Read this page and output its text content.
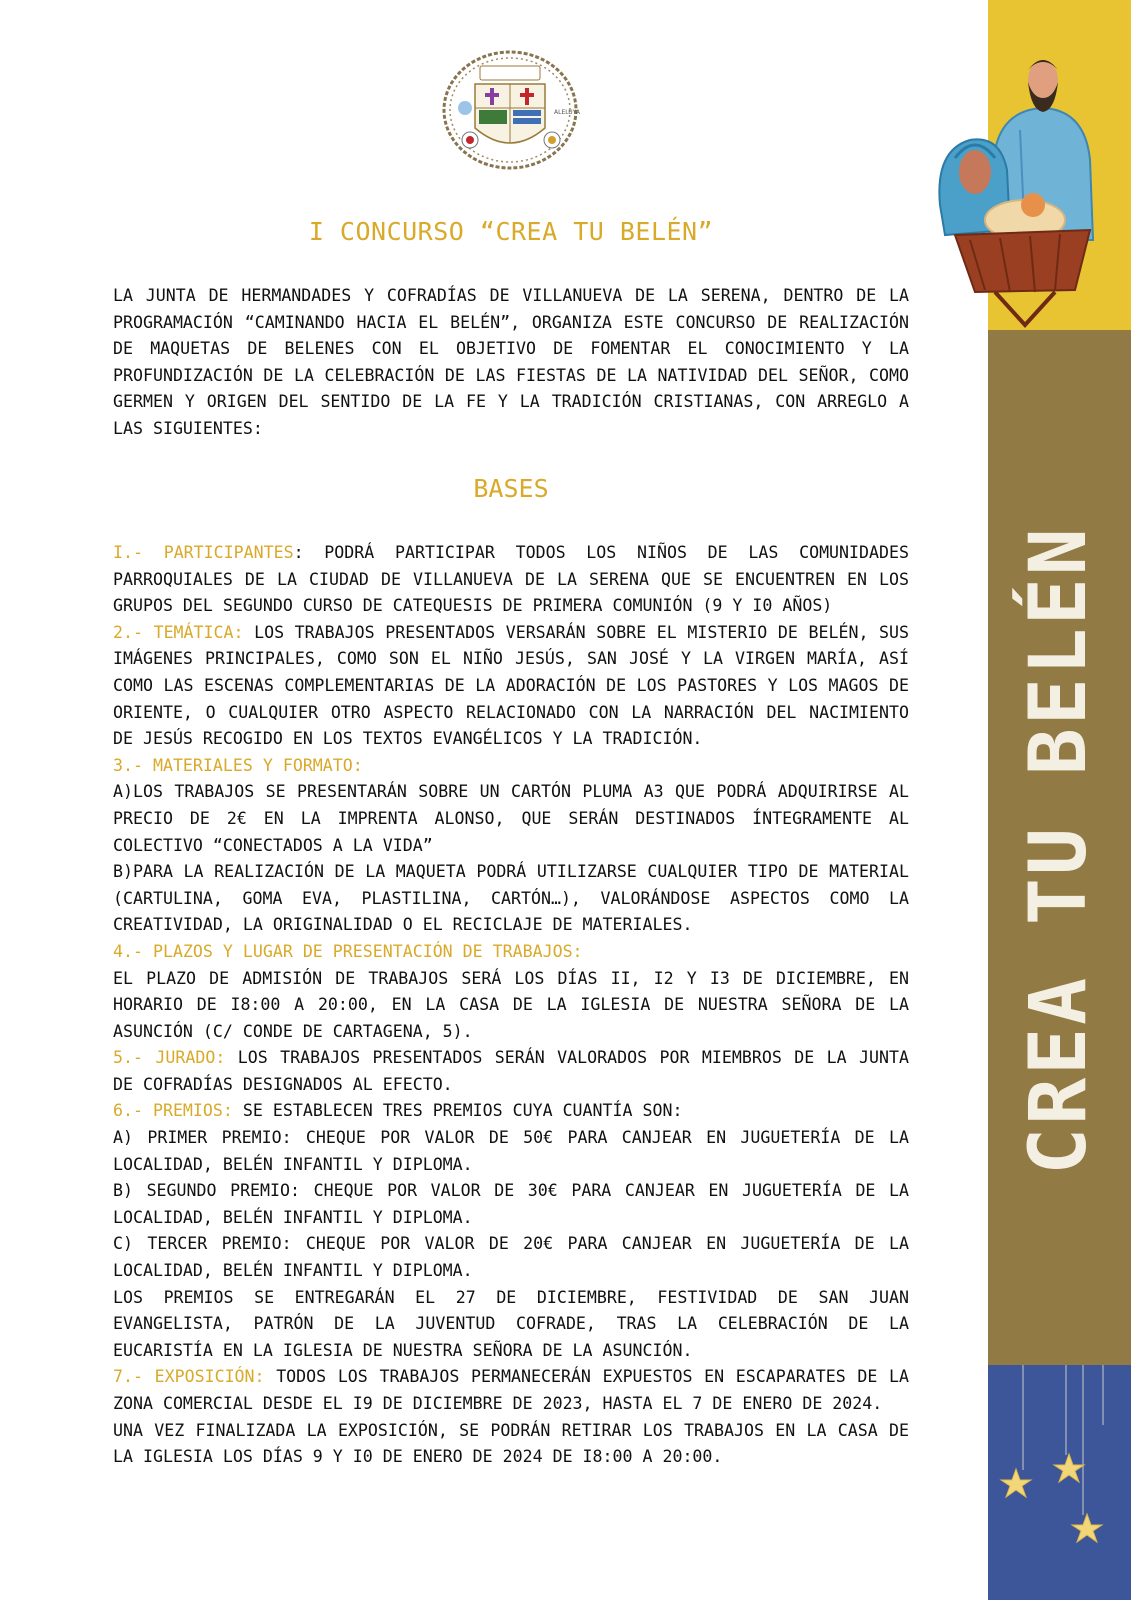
CREA TU BELÉN
ALELUYA
I CONCURSO “CREA TU BELÉN”

LA JUNTA DE HERMANDADES Y COFRADÍAS DE VILLANUEVA DE LA SERENA, DENTRO DE LA PROGRAMACIÓN “CAMINANDO HACIA EL BELÉN”, ORGANIZA ESTE CONCURSO DE REALIZACIÓN DE MAQUETAS DE BELENES CON EL OBJETIVO DE FOMENTAR EL CONOCIMIENTO Y LA PROFUNDIZACIÓN DE LA CELEBRACIÓN DE LAS FIESTAS DE LA NATIVIDAD DEL SEÑOR, COMO GERMEN Y ORIGEN DEL SENTIDO DE LA FE Y LA TRADICIÓN CRISTIANAS, CON ARREGLO A LAS SIGUIENTES:

BASES

I.- PARTICIPANTES: PODRÁ PARTICIPAR TODOS LOS NIÑOS DE LAS COMUNIDADES PARROQUIALES DE LA CIUDAD DE VILLANUEVA DE LA SERENA QUE SE ENCUENTREN EN LOS GRUPOS DEL SEGUNDO CURSO DE CATEQUESIS DE PRIMERA COMUNIÓN (9 Y I0 AÑOS)

2.- TEMÁTICA: LOS TRABAJOS PRESENTADOS VERSARÁN SOBRE EL MISTERIO DE BELÉN, SUS IMÁGENES PRINCIPALES, COMO SON EL NIÑO JESÚS, SAN JOSÉ Y LA VIRGEN MARÍA, ASÍ COMO LAS ESCENAS COMPLEMENTARIAS DE LA ADORACIÓN DE LOS PASTORES Y LOS MAGOS DE ORIENTE, O CUALQUIER OTRO ASPECTO RELACIONADO CON LA NARRACIÓN DEL NACIMIENTO DE JESÚS RECOGIDO EN LOS TEXTOS EVANGÉLICOS Y LA TRADICIÓN.

3.- MATERIALES Y FORMATO:

A)LOS TRABAJOS SE PRESENTARÁN SOBRE UN CARTÓN PLUMA A3 QUE PODRÁ ADQUIRIRSE AL PRECIO DE 2€ EN LA IMPRENTA ALONSO, QUE SERÁN DESTINADOS ÍNTEGRAMENTE AL COLECTIVO “CONECTADOS A LA VIDA”

B)PARA LA REALIZACIÓN DE LA MAQUETA PODRÁ UTILIZARSE CUALQUIER TIPO DE MATERIAL (CARTULINA, GOMA EVA, PLASTILINA, CARTÓN…), VALORÁNDOSE ASPECTOS COMO LA CREATIVIDAD, LA ORIGINALIDAD O EL RECICLAJE DE MATERIALES.

4.- PLAZOS Y LUGAR DE PRESENTACIÓN DE TRABAJOS:

EL PLAZO DE ADMISIÓN DE TRABAJOS SERÁ LOS DÍAS II, I2 Y I3 DE DICIEMBRE, EN HORARIO DE I8:00 A 20:00, EN LA CASA DE LA IGLESIA DE NUESTRA SEÑORA DE LA ASUNCIÓN (C/ CONDE DE CARTAGENA, 5).

5.- JURADO: LOS TRABAJOS PRESENTADOS SERÁN VALORADOS POR MIEMBROS DE LA JUNTA DE COFRADÍAS DESIGNADOS AL EFECTO.

6.- PREMIOS: SE ESTABLECEN TRES PREMIOS CUYA CUANTÍA SON:

A) PRIMER PREMIO: CHEQUE POR VALOR DE 50€ PARA CANJEAR EN JUGUETERÍA DE LA LOCALIDAD, BELÉN INFANTIL Y DIPLOMA.

B) SEGUNDO PREMIO: CHEQUE POR VALOR DE 30€ PARA CANJEAR EN JUGUETERÍA DE LA LOCALIDAD, BELÉN INFANTIL Y DIPLOMA.

C) TERCER PREMIO: CHEQUE POR VALOR DE 20€ PARA CANJEAR EN JUGUETERÍA DE LA LOCALIDAD, BELÉN INFANTIL Y DIPLOMA.

LOS PREMIOS SE ENTREGARÁN EL 27 DE DICIEMBRE, FESTIVIDAD DE SAN JUAN EVANGELISTA, PATRÓN DE LA JUVENTUD COFRADE, TRAS LA CELEBRACIÓN DE LA EUCARISTÍA EN LA IGLESIA DE NUESTRA SEÑORA DE LA ASUNCIÓN.

7.- EXPOSICIÓN: TODOS LOS TRABAJOS PERMANECERÁN EXPUESTOS EN ESCAPARATES DE LA ZONA COMERCIAL DESDE EL I9 DE DICIEMBRE DE 2023, HASTA EL 7 DE ENERO DE 2024.

UNA VEZ FINALIZADA LA EXPOSICIÓN, SE PODRÁN RETIRAR LOS TRABAJOS EN LA CASA DE LA IGLESIA LOS DÍAS 9 Y I0 DE ENERO DE 2024 DE I8:00 A 20:00.
